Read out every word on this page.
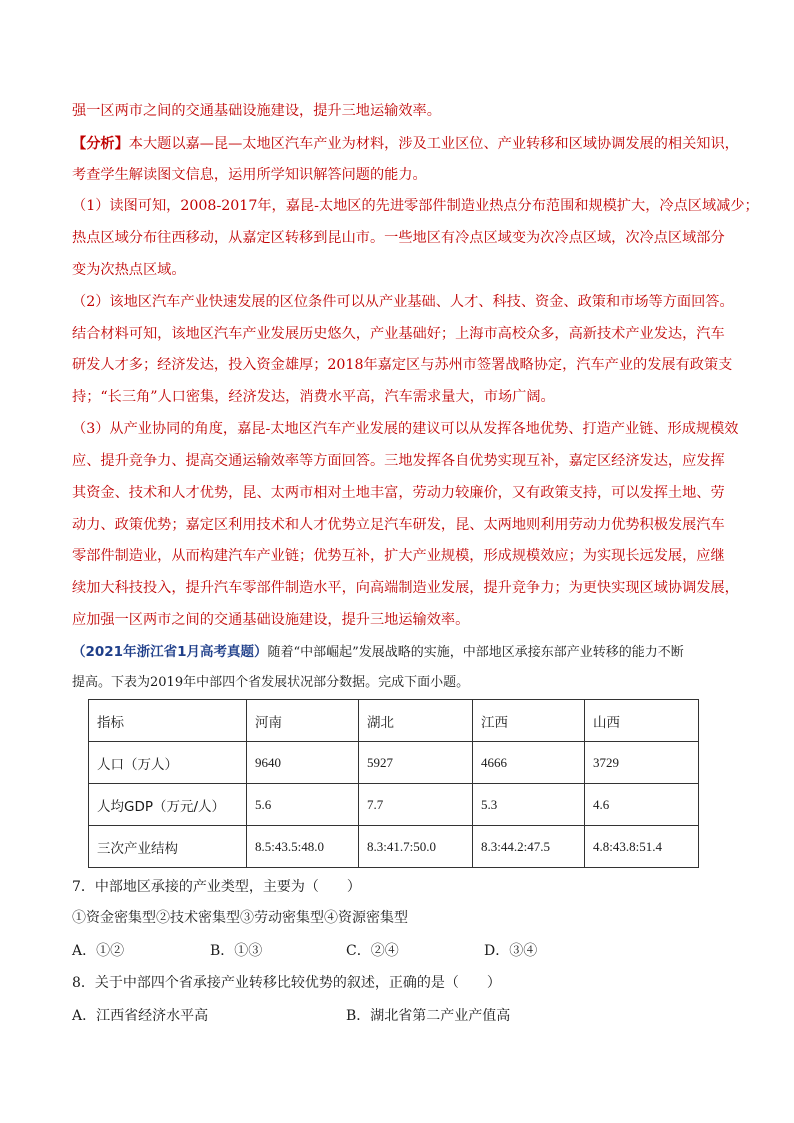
强一区两市之间的交通基础设施建设，提升三地运输效率。
【分析】本大题以嘉—昆—太地区汽车产业为材料，涉及工业区位、产业转移和区域协调发展的相关知识，
考查学生解读图文信息，运用所学知识解答问题的能力。
（1）读图可知，2008-2017年，嘉昆-太地区的先进零部件制造业热点分布范围和规模扩大，冷点区域减少；
热点区域分布往西移动，从嘉定区转移到昆山市。一些地区有冷点区域变为次冷点区域，次冷点区域部分
变为次热点区域。
（2）该地区汽车产业快速发展的区位条件可以从产业基础、人才、科技、资金、政策和市场等方面回答。
结合材料可知，该地区汽车产业发展历史悠久，产业基础好；上海市高校众多，高新技术产业发达，汽车
研发人才多；经济发达，投入资金雄厚；2018年嘉定区与苏州市签署战略协定，汽车产业的发展有政策支
持；“长三角”人口密集，经济发达，消费水平高，汽车需求量大，市场广阔。
（3）从产业协同的角度，嘉昆-太地区汽车产业发展的建议可以从发挥各地优势、打造产业链、形成规模效
应、提升竞争力、提高交通运输效率等方面回答。三地发挥各自优势实现互补，嘉定区经济发达，应发挥
其资金、技术和人才优势，昆、太两市相对土地丰富，劳动力较廉价，又有政策支持，可以发挥土地、劳
动力、政策优势；嘉定区利用技术和人才优势立足汽车研发，昆、太两地则利用劳动力优势积极发展汽车
零部件制造业，从而构建汽车产业链；优势互补，扩大产业规模，形成规模效应；为实现长远发展，应继
续加大科技投入，提升汽车零部件制造水平，向高端制造业发展，提升竞争力；为更快实现区域协调发展，
应加强一区两市之间的交通基础设施建设，提升三地运输效率。
（2021年浙江省1月高考真题）随着“中部崛起”发展战略的实施，中部地区承接东部产业转移的能力不断
提高。下表为2019年中部四个省发展状况部分数据。完成下面小题。
指标	河南	湖北	江西	山西
人口（万人）	9640	5927	4666	3729
人均GDP（万元/人）	5.6	7.7	5.3	4.6
三次产业结构	8.5:43.5:48.0	8.3:41.7:50.0	8.3:44.2:47.5	4.8:43.8:51.4
7．中部地区承接的产业类型，主要为（　　）
①资金密集型②技术密集型③劳动密集型④资源密集型
A．①②	B．①③	C．②④	D．③④
8．关于中部四个省承接产业转移比较优势的叙述，正确的是（　　）
A．江西省经济水平高	B．湖北省第二产业产值高
